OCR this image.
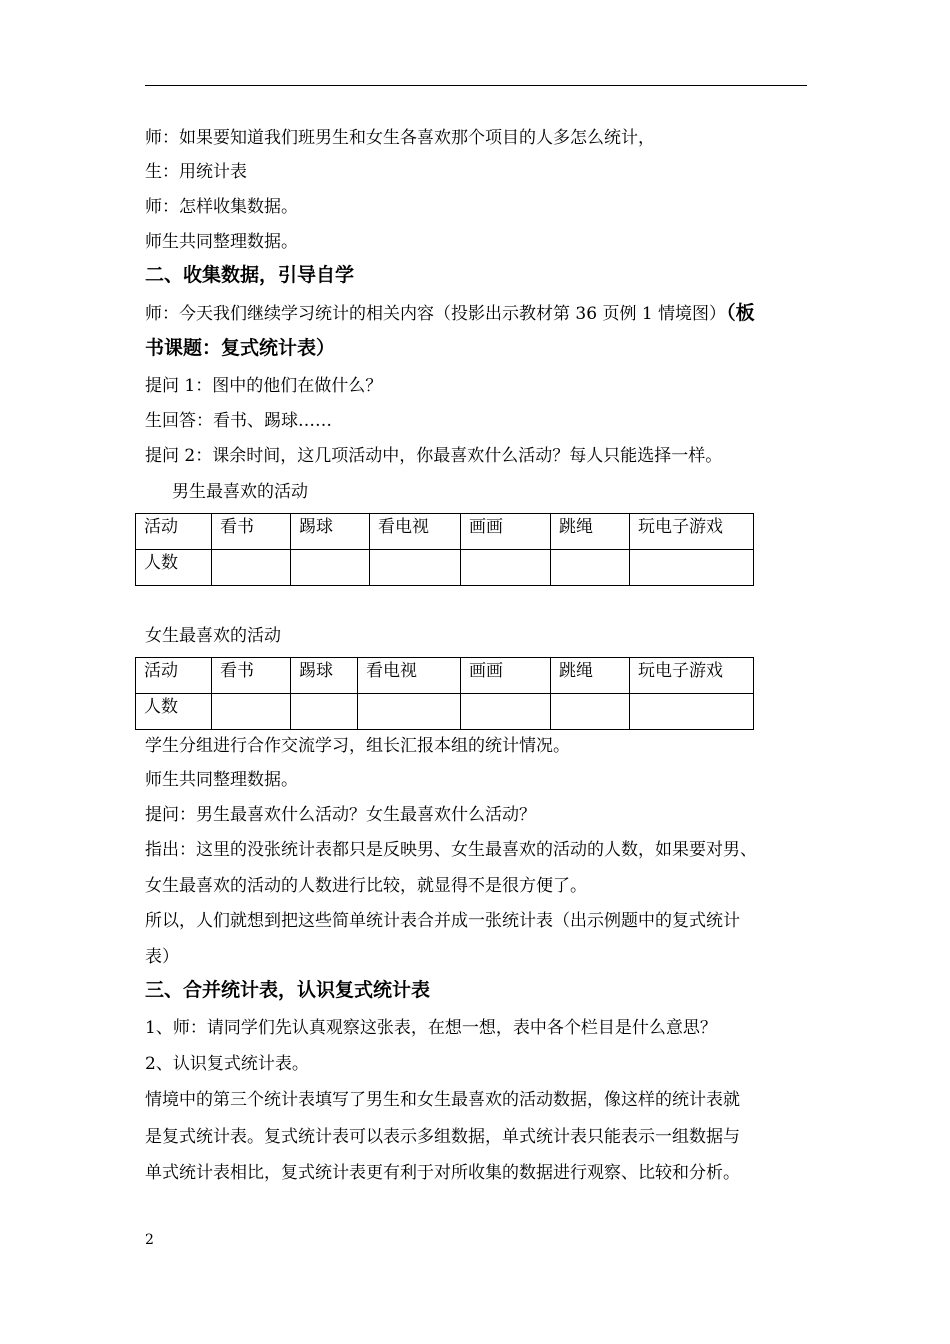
师：如果要知道我们班男生和女生各喜欢那个项目的人多怎么统计，
生：用统计表
师：怎样收集数据。
师生共同整理数据。
二、收集数据，引导自学
师：今天我们继续学习统计的相关内容（投影出示教材第 36 页例 1 情境图）（板
书课题：复式统计表）
提问 1：图中的他们在做什么？
生回答：看书、踢球……
提问 2：课余时间，这几项活动中，你最喜欢什么活动？每人只能选择一样。
男生最喜欢的活动
活动	看书	踢球	看电视	画画	跳绳	玩电子游戏
人数						
女生最喜欢的活动
活动	看书	踢球	看电视	画画	跳绳	玩电子游戏
人数						
学生分组进行合作交流学习，组长汇报本组的统计情况。
师生共同整理数据。
提问：男生最喜欢什么活动？女生最喜欢什么活动？
指出：这里的没张统计表都只是反映男、女生最喜欢的活动的人数，如果要对男、
女生最喜欢的活动的人数进行比较，就显得不是很方便了。
所以，人们就想到把这些简单统计表合并成一张统计表（出示例题中的复式统计
表）
三、合并统计表，认识复式统计表
1、师：请同学们先认真观察这张表，在想一想，表中各个栏目是什么意思？
2、认识复式统计表。
情境中的第三个统计表填写了男生和女生最喜欢的活动数据，像这样的统计表就
是复式统计表。复式统计表可以表示多组数据，单式统计表只能表示一组数据与
单式统计表相比，复式统计表更有利于对所收集的数据进行观察、比较和分析。
2
